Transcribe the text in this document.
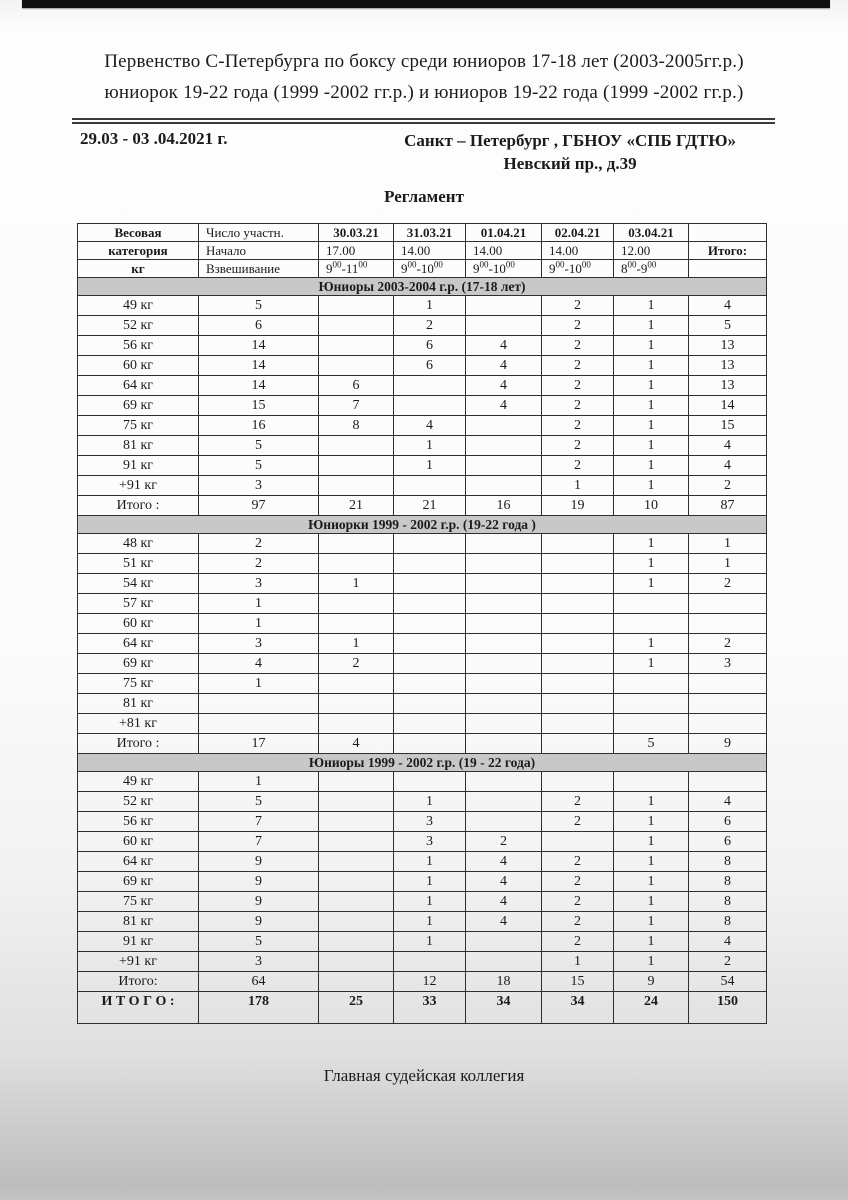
Первенство С-Петербурга по боксу среди юниоров 17-18 лет (2003-2005гг.р.)
юниорок 19-22 года (1999 -2002 гг.р.) и юниоров 19-22 года (1999 -2002 гг.р.)
29.03 - 03 .04.2021 г.	Санкт – Петербург , ГБНОУ «СПБ ГДТЮ»
Невский пр., д.39
Регламент
Весовая	Число участн.	30.03.21	31.03.21	01.04.21	02.04.21	03.04.21	
категория	Начало	17.00	14.00	14.00	14.00	12.00	Итого:
кг	Взвешивание	$9^{00}-11^{00}$	$9^{00}-10^{00}$	$9^{00}-10^{00}$	$9^{00}-10^{00}$	$8^{00}-9^{00}$	
Юниоры 2003-2004 г.р. (17-18 лет)							
49 кг	5		1		2	1	4
52 кг	6		2		2	1	5
56 кг	14		6	4	2	1	13
60 кг	14		6	4	2	1	13
64 кг	14	6		4	2	1	13
69 кг	15	7		4	2	1	14
75 кг	16	8	4		2	1	15
81 кг	5		1		2	1	4
91 кг	5		1		2	1	4
+91 кг	3				1	1	2
Итого :	97	21	21	16	19	10	87
Юниорки 1999 - 2002 г.р. (19-22 года )							
48 кг	2					1	1
51 кг	2					1	1
54 кг	3	1				1	2
57 кг	1						
60 кг	1						
64 кг	3	1				1	2
69 кг	4	2				1	3
75 кг	1						
81 кг							
+81 кг							
Итого :	17	4				5	9
Юниоры 1999 - 2002 г.р. (19 - 22 года)							
49 кг	1						
52 кг	5		1		2	1	4
56 кг	7		3		2	1	6
60 кг	7		3	2		1	6
64 кг	9		1	4	2	1	8
69 кг	9		1	4	2	1	8
75 кг	9		1	4	2	1	8
81 кг	9		1	4	2	1	8
91 кг	5		1		2	1	4
+91 кг	3				1	1	2
Итого:	64		12	18	15	9	54
И Т О Г О :	178	25	33	34	34	24	150
Главная судейская коллегия
